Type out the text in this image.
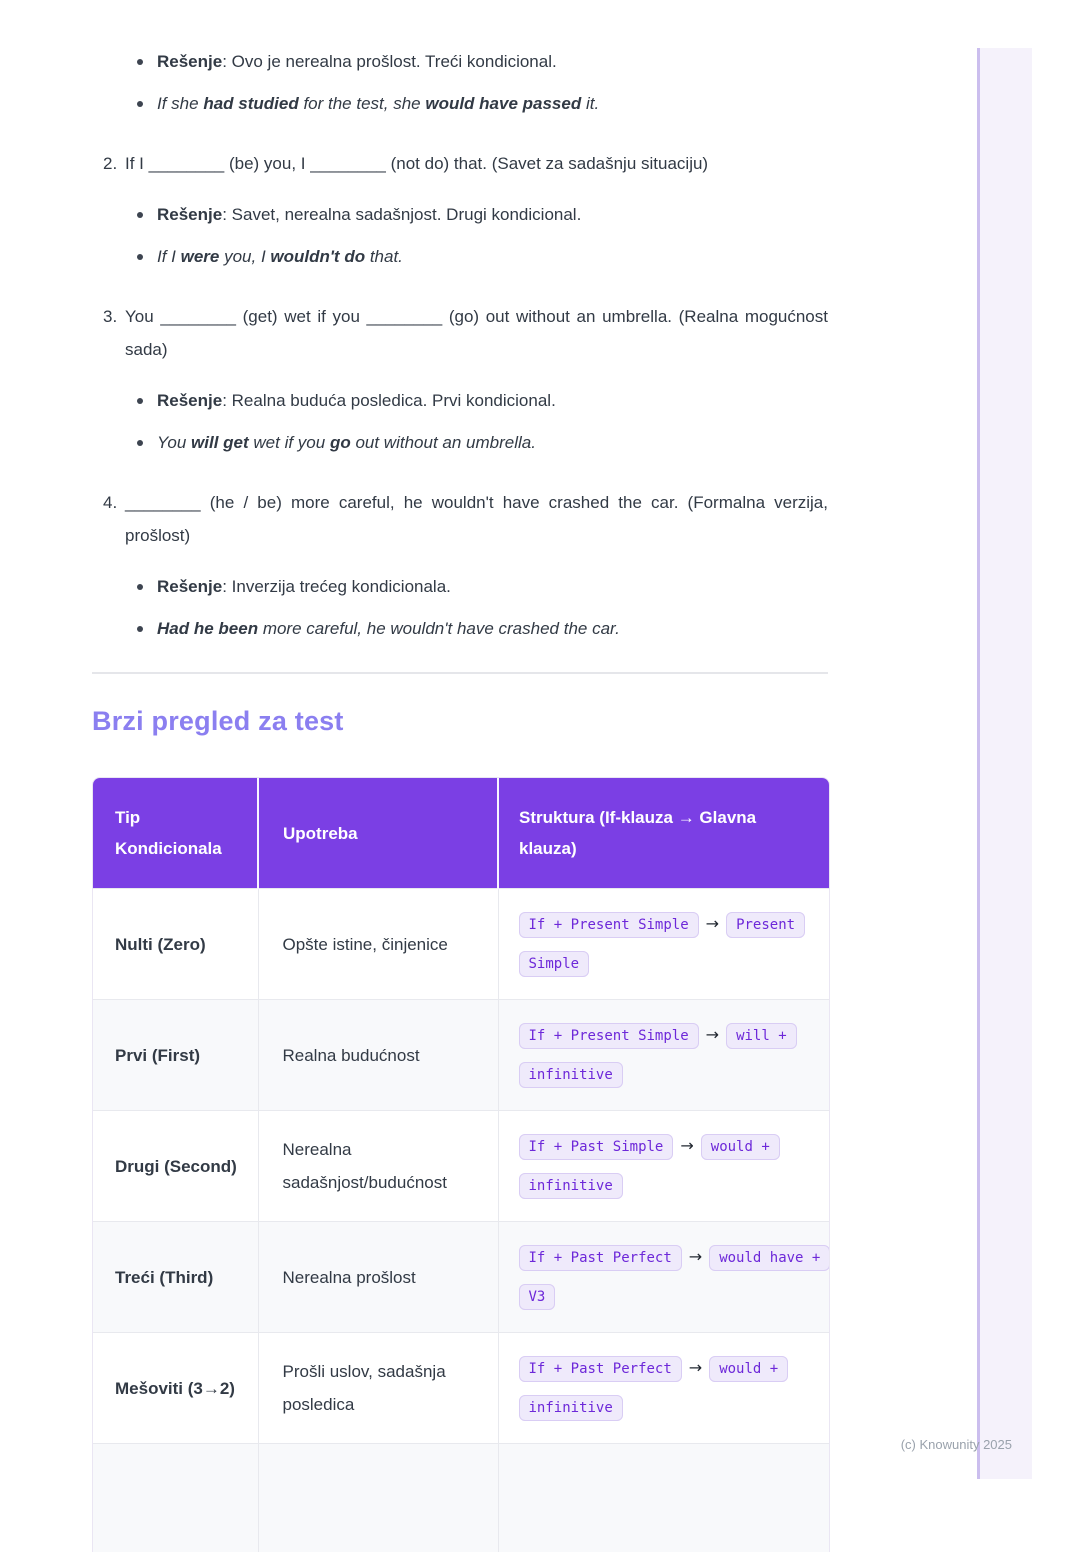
Rešenje: Ovo je nerealna prošlost. Treći kondicional.
If she had studied for the test, she would have passed it.
2. If I ________ (be) you, I ________ (not do) that. (Savet za sadašnju situaciju)

Rešenje: Savet, nerealna sadašnjost. Drugi kondicional.
If I were you, I wouldn't do that.
3. You ________ (get) wet if you ________ (go) out without an umbrella. (Realna mogućnost sada)

Rešenje: Realna buduća posledica. Prvi kondicional.
You will get wet if you go out without an umbrella.
4. ________ (he / be) more careful, he wouldn't have crashed the car. (Formalna verzija, prošlost)

Rešenje: Inverzija trećeg kondicionala.
Had he been more careful, he wouldn't have crashed the car.
Brzi pregled za test
Tip Kondicionala	Upotreba	Struktura (If-klauza → Glavna klauza)
Nulti (Zero)	Opšte istine, činjenice	If + Present Simple → Present Simple
Prvi (First)	Realna budućnost	If + Present Simple → will + infinitive
Drugi (Second)	Nerealna sadašnjost/budućnost	If + Past Simple → would + infinitive
Treći (Third)	Nerealna prošlost	If + Past Perfect → would have + V3
Mešoviti (3→2)	Prošli uslov, sadašnja posledica	If + Past Perfect → would + infinitive

(c) Knowunity 2025
